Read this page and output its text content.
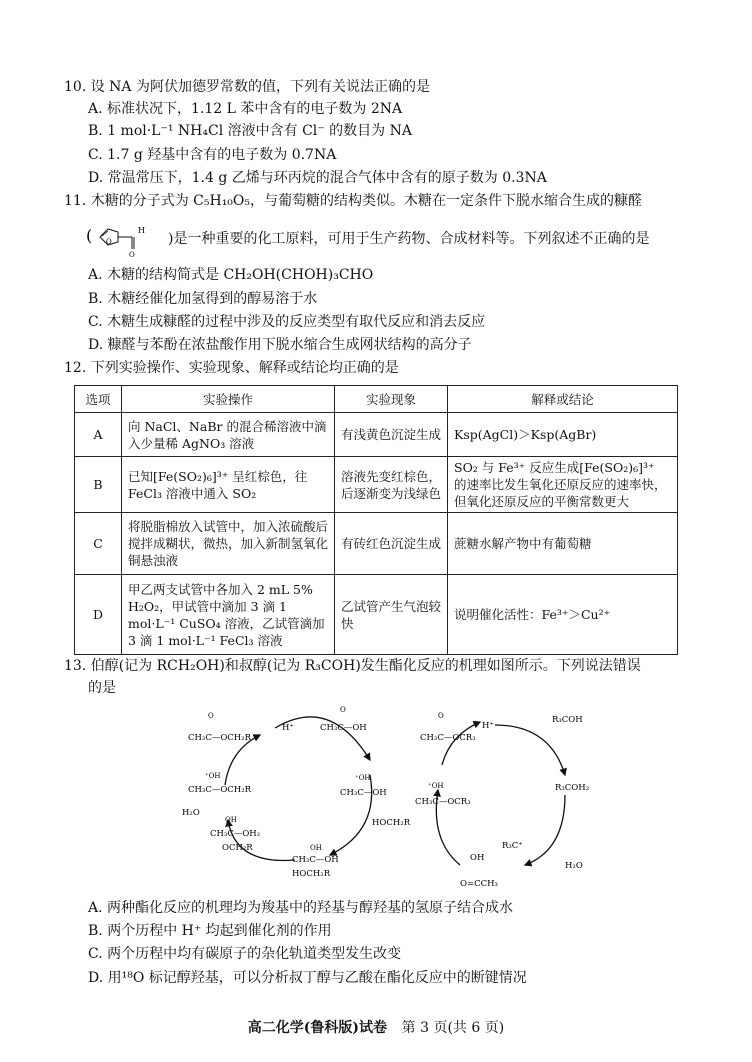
10. 设 NA 为阿伏加德罗常数的值，下列有关说法正确的是
A. 标准状况下，1.12 L 苯中含有的电子数为 2NA
B. 1 mol·L⁻¹ NH₄Cl 溶液中含有 Cl⁻ 的数目为 NA
C. 1.7 g 羟基中含有的电子数为 0.7NA
D. 常温常压下，1.4 g 乙烯与环丙烷的混合气体中含有的原子数为 0.3NA
11. 木糖的分子式为 C₅H₁₀O₅，与葡萄糖的结构类似。木糖在一定条件下脱水缩合生成的糠醛
( O
O
H
)是一种重要的化工原料，可用于生产药物、合成材料等。下列叙述不正确的是
A. 木糖的结构简式是 CH₂OH(CHOH)₃CHO
B. 木糖经催化加氢得到的醇易溶于水
C. 木糖生成糠醛的过程中涉及的反应类型有取代反应和消去反应
D. 糠醛与苯酚在浓盐酸作用下脱水缩合生成网状结构的高分子
12. 下列实验操作、实验现象、解释或结论均正确的是
选项	实验操作	实验现象	解释或结论
A	向 NaCl、NaBr 的混合稀溶液中滴入少量稀 AgNO₃ 溶液	有浅黄色沉淀生成	Ksp(AgCl)＞Ksp(AgBr)
B	已知[Fe(SO₂)₆]³⁺ 呈红棕色，往 FeCl₃ 溶液中通入 SO₂	溶液先变红棕色，后逐渐变为浅绿色	SO₂ 与 Fe³⁺ 反应生成[Fe(SO₂)₆]³⁺ 的速率比发生氧化还原反应的速率快，但氧化还原反应的平衡常数更大
C	将脱脂棉放入试管中，加入浓硫酸后搅拌成糊状，微热，加入新制氢氧化铜悬浊液	有砖红色沉淀生成	蔗糖水解产物中有葡萄糖
D	甲乙两支试管中各加入 2 mL 5% H₂O₂，甲试管中滴加 3 滴 1 mol·L⁻¹ CuSO₄ 溶液，乙试管滴加 3 滴 1 mol·L⁻¹ FeCl₃ 溶液	乙试管产生气泡较快	说明催化活性：Fe³⁺＞Cu²⁺
13. 伯醇(记为 RCH₂OH)和叔醇(记为 R₃COH)发生酯化反应的机理如图所示。下列说法错误
的是
O
CH₃C—OCH₂R
H⁺
O
CH₃C—OH
⁺OH
CH₃C—OH
HOCH₂R
OH
CH₃C—OH
HOCH₂R
OH
CH₃C—OH₂
OCH₂R
H₂O
⁺OH
CH₃C—OCH₂R
O
CH₃C—OCR₃
H⁺
R₃COH
R₃COH₂
R₃C⁺
H₂O
⁺OH
CH₃C—OCR₃
OH
O=CCH₃
A. 两种酯化反应的机理均为羧基中的羟基与醇羟基的氢原子结合成水
B. 两个历程中 H⁺ 均起到催化剂的作用
C. 两个历程中均有碳原子的杂化轨道类型发生改变
D. 用¹⁸O 标记醇羟基，可以分析叔丁醇与乙酸在酯化反应中的断键情况
高二化学(鲁科版)试卷 第 3 页(共 6 页)
